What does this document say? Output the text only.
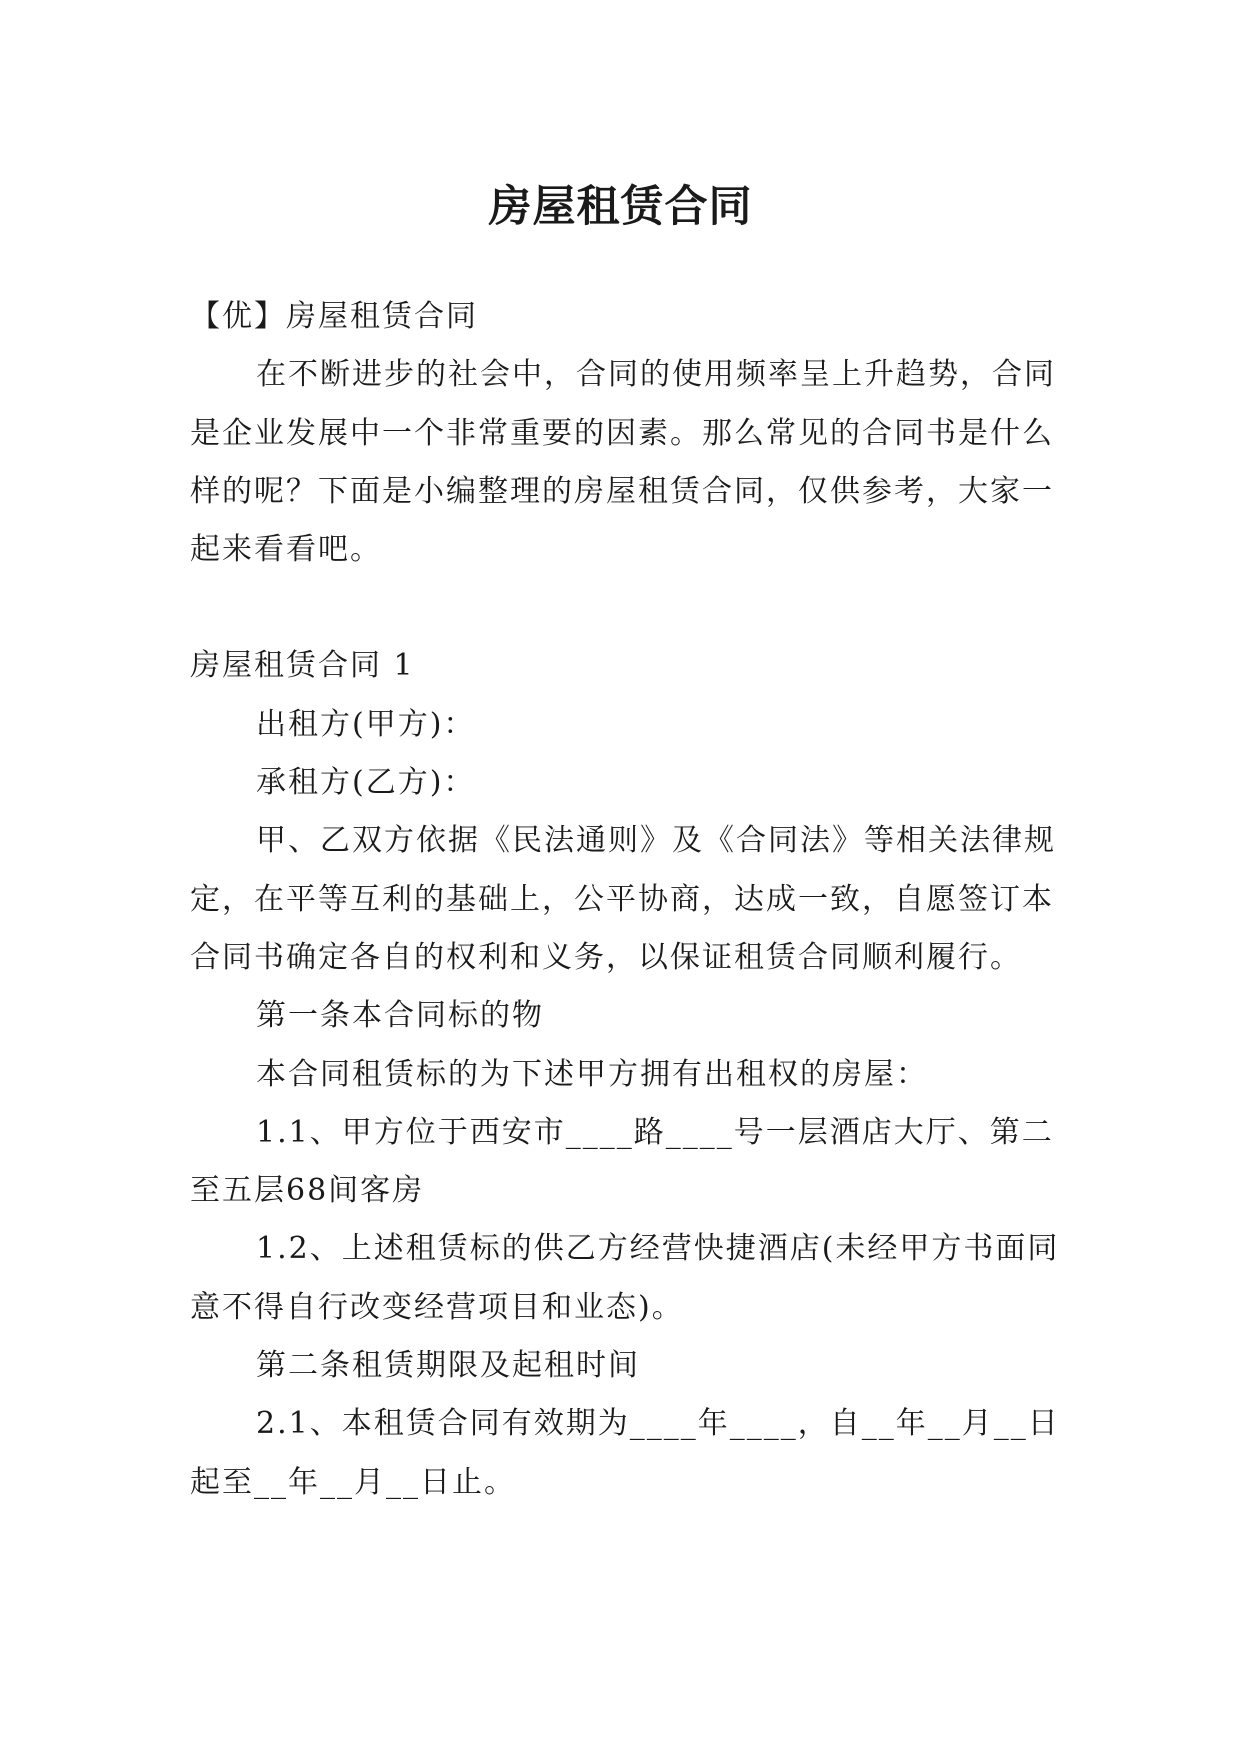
房屋租赁合同

【优】房屋租赁合同

在不断进步的社会中，合同的使用频率呈上升趋势，合同是企业发展中一个非常重要的因素。那么常见的合同书是什么样的呢？下面是小编整理的房屋租赁合同，仅供参考，大家一起来看看吧。

房屋租赁合同 1

出租方(甲方)：

承租方(乙方)：

甲、乙双方依据《民法通则》及《合同法》等相关法律规定，在平等互利的基础上，公平协商，达成一致，自愿签订本合同书确定各自的权利和义务，以保证租赁合同顺利履行。

第一条本合同标的物

本合同租赁标的为下述甲方拥有出租权的房屋：

1.1、甲方位于西安市____路____号一层酒店大厅、第二至五层68间客房

1.2、上述租赁标的供乙方经营快捷酒店(未经甲方书面同意不得自行改变经营项目和业态)。

第二条租赁期限及起租时间

2.1、本租赁合同有效期为____年____，自__年__月__日起至__年__月__日止。
